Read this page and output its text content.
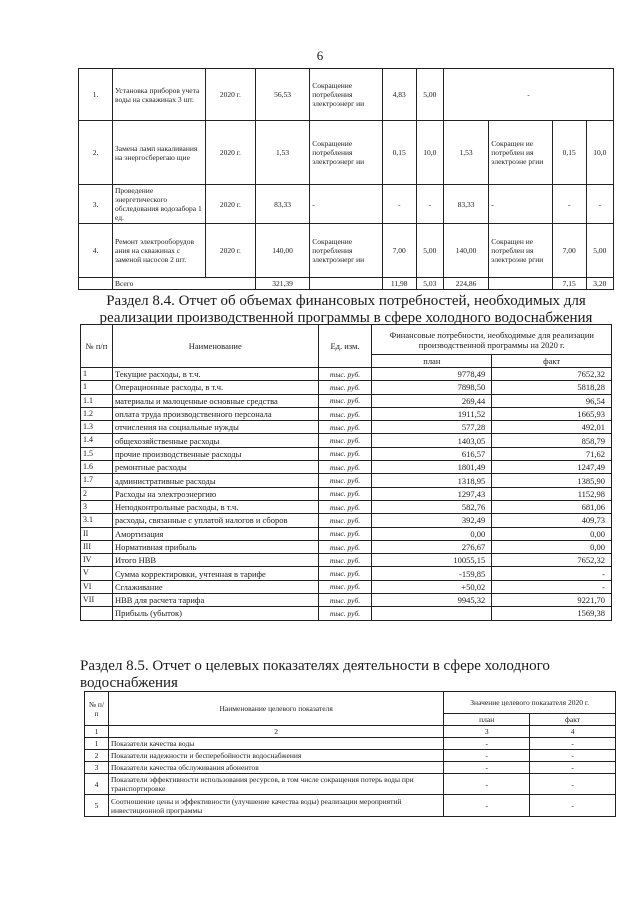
6
1.	Установка приборов учета воды на скважинах 3 шт.	2020 г.	56,53	Сокращение потребления электроэнерг ии	4,83	5,00	-			
2.	Замена ламп накаливания на энергосберегаю щие	2020 г.	1,53	Сокращение потребления электроэнерг ии	0,15	10,0	1,53	Сокращен ие потреблен ия электроэне ргии	0,15	10,0
3.	Проведение энергетического обследования водозабора 1 ед.	2020 г.	83,33	-	-	-	83,33	-	-	-
4.	Ремонт электрооборудов ания на скважинах с заменой насосов 2 шт.	2020 г.	140,00	Сокращение потребления электроэнерг ии	7,00	5,00	140,00	Сокращен ие потреблен ия электроэне ргии	7,00	5,00
	Всего		321,39		11,98	5,03	224,86		7,15	3,20
Раздел 8.4. Отчет об объемах финансовых потребностей, необходимых для реализации производственной программы в сфере холодного водоснабжения
№ п/п	Наименование	Ед. изм.	Финансовые потребности, необходимые для реализации производственной программы на 2020 г.	
			план	факт
1	Текущие расходы, в т.ч.	тыс. руб.	9778,49	7652,32
1	Операционные расходы, в т.ч.	тыс. руб.	7898,50	5818,28
1.1	материалы и малоценные основные средства	тыс. руб.	269,44	96,54
1.2	оплата труда производственного персонала	тыс. руб.	1911,52	1665,93
1.3	отчисления на социальные нужды	тыс. руб.	577,28	492,01
1.4	общехозяйственные расходы	тыс. руб.	1403,05	858,79
1.5	прочие производственные расходы	тыс. руб.	616,57	71,62
1.6	ремонтные расходы	тыс. руб.	1801,49	1247,49
1.7	административные расходы	тыс. руб.	1318,95	1385,90
2	Расходы на электроэнергию	тыс. руб.	1297,43	1152,98
3	Неподконтрольные расходы, в т.ч.	тыс. руб.	582,76	681,06
3.1	расходы, связанные с уплатой налогов и сборов	тыс. руб.	392,49	409,73
II	Амортизация	тыс. руб.	0,00	0,00
III	Нормативная прибыль	тыс. руб.	276,67	0,00
IV	Итого НВВ	тыс. руб.	10055,15	7652,32
V	Сумма корректировки, учтенная в тарифе	тыс. руб.	-159,85	-
VI	Сглаживание	тыс. руб.	+50,02	-
VII	НВВ для расчета тарифа	тыс. руб.	9945,32	9221,70
	Прибыль (убыток)	тыс. руб.		1569,38
Раздел 8.5. Отчет о целевых показателях деятельности в сфере холодного водоснабжения
№ п/п	Наименование целевого показателя	Значение целевого показателя 2020 г.	
		план	факт
1	2	3	4
1	Показатели качества воды	-	-
2	Показатели надежности и бесперебойности водоснабжения	-	-
3	Показатели качества обслуживания абонентов	-	-
4	Показатели эффективности использования ресурсов, в том числе сокращения потерь воды при транспортировке	-	-
5	Соотношение цены и эффективности (улучшение качества воды) реализации мероприятий инвестиционной программы	-	-
